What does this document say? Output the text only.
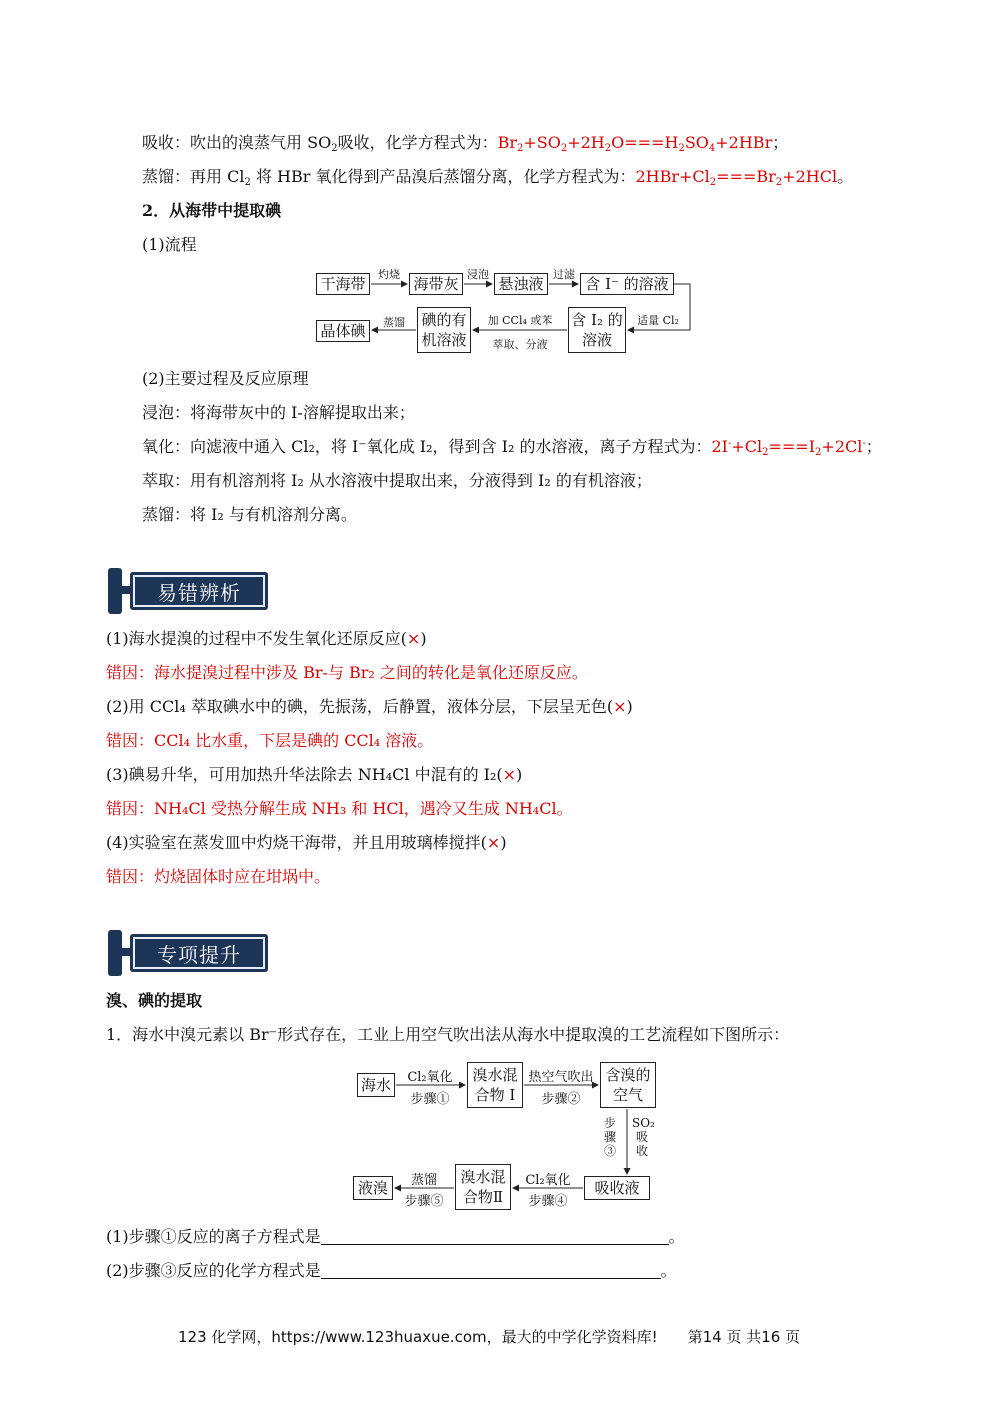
吸收：吹出的溴蒸气用 $SO_2$吸收，化学方程式为：$Br_2+SO_2+2H_2O===H_2SO_4+2HBr$；
蒸馏：再用 $Cl_2$ 将 HBr 氧化得到产品溴后蒸馏分离，化学方程式为：$2HBr+Cl_2===Br_2+2HCl$。
2．从海带中提取碘
(1)流程
干海带
灼烧
海带灰
浸泡
悬浊液
过滤
含 I⁻ 的溶液
适量 Cl₂
含 I₂ 的
溶液
加 CCl₄ 或苯
萃取、分液
碘的有
机溶液
蒸馏
晶体碘
(2)主要过程及反应原理
浸泡：将海带灰中的 I-溶解提取出来；
氧化：向滤液中通入 Cl₂，将 I⁻氧化成 I₂，得到含 I₂ 的水溶液，离子方程式为：$2I^-+Cl_2===I_2+2Cl^-$；
萃取：用有机溶剂将 I₂ 从水溶液中提取出来，分液得到 I₂ 的有机溶液；
蒸馏：将 I₂ 与有机溶剂分离。
易错辨析
(1)海水提溴的过程中不发生氧化还原反应(×)
错因：海水提溴过程中涉及 Br-与 Br₂ 之间的转化是氧化还原反应。
(2)用 CCl₄ 萃取碘水中的碘，先振荡，后静置，液体分层，下层呈无色(×)
错因：CCl₄ 比水重，下层是碘的 CCl₄ 溶液。
(3)碘易升华，可用加热升华法除去 NH₄Cl 中混有的 I₂(×)
错因：NH₄Cl 受热分解生成 NH₃ 和 HCl，遇冷又生成 NH₄Cl。
(4)实验室在蒸发皿中灼烧干海带，并且用玻璃棒搅拌(×)
错因：灼烧固体时应在坩埚中。
专项提升
溴、碘的提取
1．海水中溴元素以 Br⁻形式存在，工业上用空气吹出法从海水中提取溴的工艺流程如下图所示：
海水	Cl₂氧化
步骤①
溴水混
合物 I
热空气吹出
步骤②
含溴的
空气
步骤③
SO₂吸收
吸收液
Cl₂氧化
步骤④
溴水混
合物Ⅱ
蒸馏
步骤⑤
液溴
(1)步骤①反应的离子方程式是	。
(2)步骤③反应的化学方程式是	。
123 化学网，https://www.123huaxue.com，最大的中学化学资料库!　　第14 页 共16 页
